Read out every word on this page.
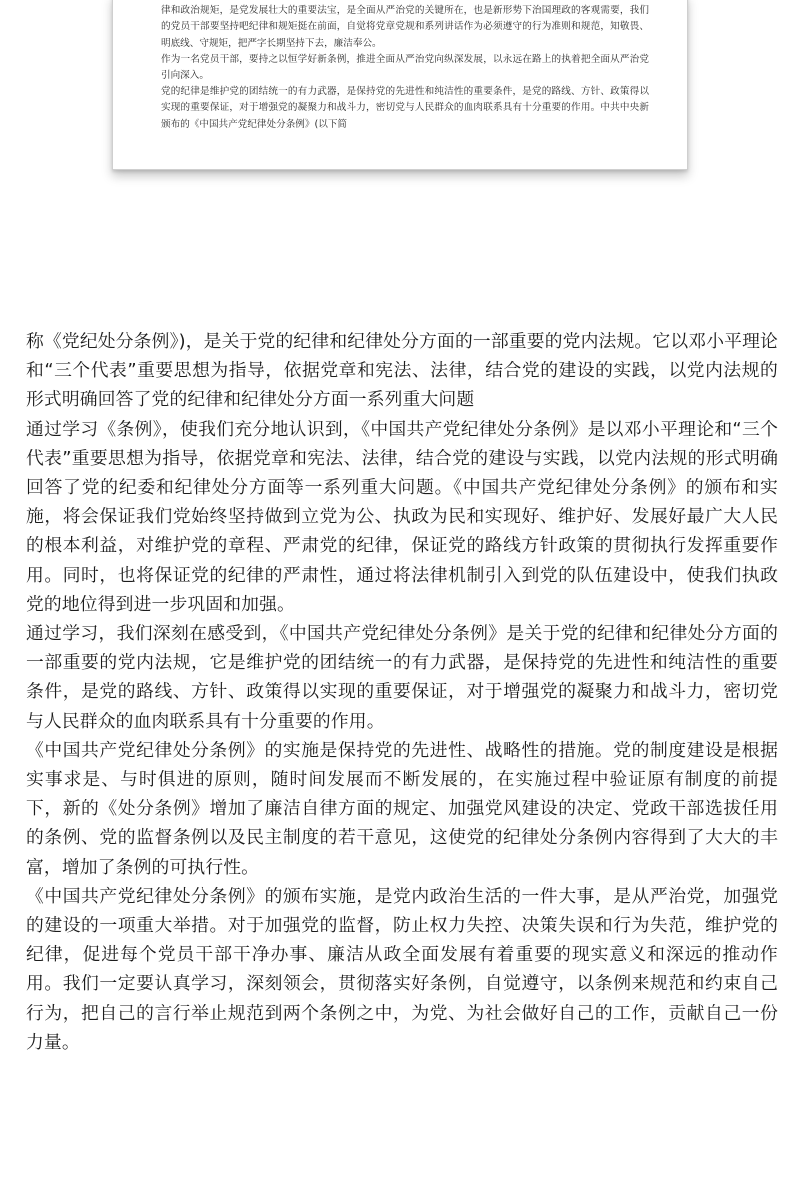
律和政治规矩，是党发展壮大的重要法宝，是全面从严治党的关键所在，也是新形势下治国理政的客观需要，我们的党员干部要坚持吧纪律和规矩挺在前面，自觉将党章党规和系列讲话作为必须遵守的行为准则和规范，知敬畏、明底线、守规矩，把严字长期坚持下去，廉洁奉公。

作为一名党员干部，要持之以恒学好新条例，推进全面从严治党向纵深发展，以永远在路上的执着把全面从严治党引向深入。

党的纪律是维护党的团结统一的有力武器，是保持党的先进性和纯洁性的重要条件，是党的路线、方针、政策得以实现的重要保证，对于增强党的凝聚力和战斗力，密切党与人民群众的血肉联系具有十分重要的作用。中共中央新颁布的《中国共产党纪律处分条例》(以下简

称《党纪处分条例》)，是关于党的纪律和纪律处分方面的一部重要的党内法规。它以邓小平理论和“三个代表”重要思想为指导，依据党章和宪法、法律，结合党的建设的实践，以党内法规的形式明确回答了党的纪律和纪律处分方面一系列重大问题

通过学习《条例》，使我们充分地认识到，《中国共产党纪律处分条例》是以邓小平理论和“三个代表”重要思想为指导，依据党章和宪法、法律，结合党的建设与实践，以党内法规的形式明确回答了党的纪委和纪律处分方面等一系列重大问题。《中国共产党纪律处分条例》的颁布和实施，将会保证我们党始终坚持做到立党为公、执政为民和实现好、维护好、发展好最广大人民的根本利益，对维护党的章程、严肃党的纪律，保证党的路线方针政策的贯彻执行发挥重要作用。同时，也将保证党的纪律的严肃性，通过将法律机制引入到党的队伍建设中，使我们执政党的地位得到进一步巩固和加强。

通过学习，我们深刻在感受到，《中国共产党纪律处分条例》是关于党的纪律和纪律处分方面的一部重要的党内法规，它是维护党的团结统一的有力武器，是保持党的先进性和纯洁性的重要条件，是党的路线、方针、政策得以实现的重要保证，对于增强党的凝聚力和战斗力，密切党与人民群众的血肉联系具有十分重要的作用。

《中国共产党纪律处分条例》的实施是保持党的先进性、战略性的措施。党的制度建设是根据实事求是、与时俱进的原则，随时间发展而不断发展的，在实施过程中验证原有制度的前提下，新的《处分条例》增加了廉洁自律方面的规定、加强党风建设的决定、党政干部选拔任用的条例、党的监督条例以及民主制度的若干意见，这使党的纪律处分条例内容得到了大大的丰富，增加了条例的可执行性。

《中国共产党纪律处分条例》的颁布实施，是党内政治生活的一件大事，是从严治党，加强党的建设的一项重大举措。对于加强党的监督，防止权力失控、决策失误和行为失范，维护党的纪律，促进每个党员干部干净办事、廉洁从政全面发展有着重要的现实意义和深远的推动作用。我们一定要认真学习，深刻领会，贯彻落实好条例，自觉遵守，以条例来规范和约束自己行为，把自己的言行举止规范到两个条例之中，为党、为社会做好自己的工作，贡献自己一份力量。
